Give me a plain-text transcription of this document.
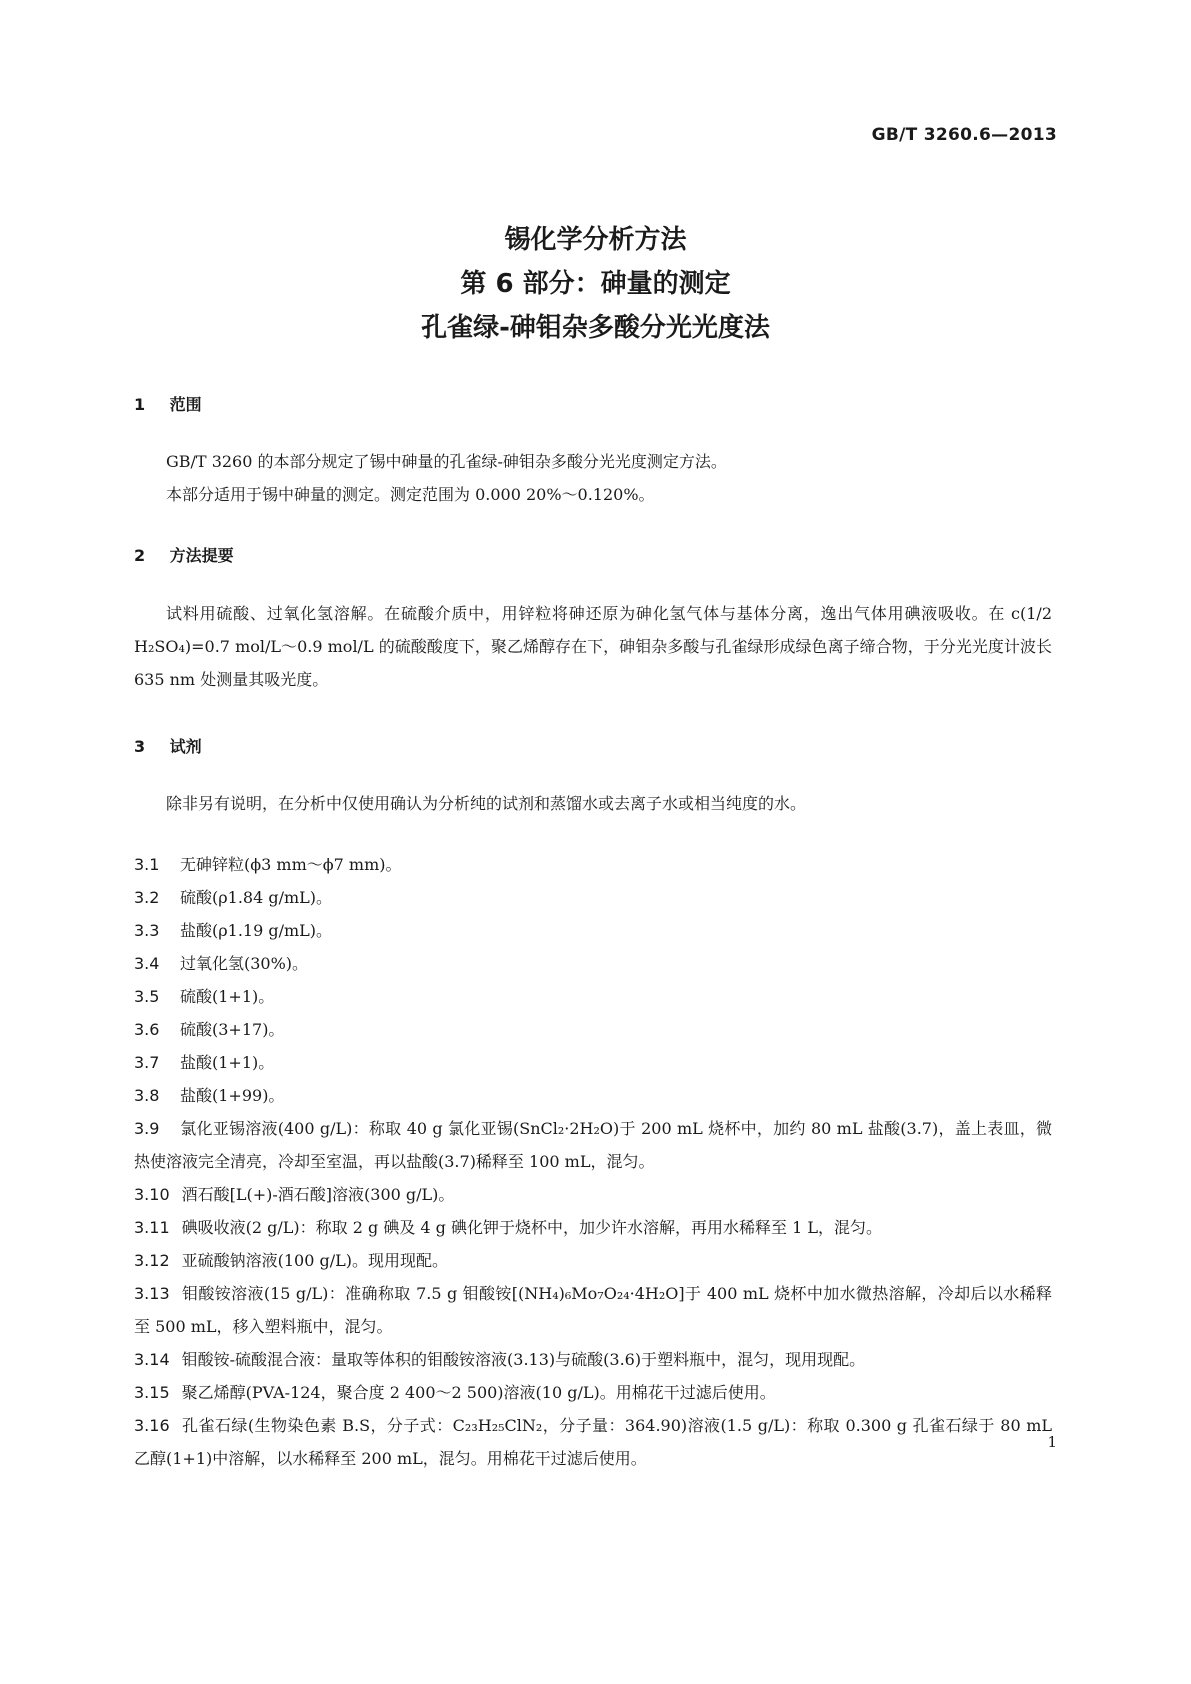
GB/T 3260.6—2013
锡化学分析方法
第 6 部分：砷量的测定
孔雀绿-砷钼杂多酸分光光度法
1 范围

GB/T 3260 的本部分规定了锡中砷量的孔雀绿-砷钼杂多酸分光光度测定方法。

本部分适用于锡中砷量的测定。测定范围为 0.000 20%～0.120%。

2 方法提要

试料用硫酸、过氧化氢溶解。在硫酸介质中，用锌粒将砷还原为砷化氢气体与基体分离，逸出气体用碘液吸收。在 c(1/2 H₂SO₄)=0.7 mol/L～0.9 mol/L 的硫酸酸度下，聚乙烯醇存在下，砷钼杂多酸与孔雀绿形成绿色离子缔合物，于分光光度计波长 635 nm 处测量其吸光度。

3 试剂

除非另有说明，在分析中仅使用确认为分析纯的试剂和蒸馏水或去离子水或相当纯度的水。

3.1 无砷锌粒(ϕ3 mm～ϕ7 mm)。

3.2 硫酸(ρ1.84 g/mL)。

3.3 盐酸(ρ1.19 g/mL)。

3.4 过氧化氢(30%)。

3.5 硫酸(1+1)。

3.6 硫酸(3+17)。

3.7 盐酸(1+1)。

3.8 盐酸(1+99)。

3.9 氯化亚锡溶液(400 g/L)：称取 40 g 氯化亚锡(SnCl₂·2H₂O)于 200 mL 烧杯中，加约 80 mL 盐酸(3.7)，盖上表皿，微热使溶液完全清亮，冷却至室温，再以盐酸(3.7)稀释至 100 mL，混匀。

3.10 酒石酸[L(+)-酒石酸]溶液(300 g/L)。

3.11 碘吸收液(2 g/L)：称取 2 g 碘及 4 g 碘化钾于烧杯中，加少许水溶解，再用水稀释至 1 L，混匀。

3.12 亚硫酸钠溶液(100 g/L)。现用现配。

3.13 钼酸铵溶液(15 g/L)：准确称取 7.5 g 钼酸铵[(NH₄)₆Mo₇O₂₄·4H₂O]于 400 mL 烧杯中加水微热溶解，冷却后以水稀释至 500 mL，移入塑料瓶中，混匀。

3.14 钼酸铵-硫酸混合液：量取等体积的钼酸铵溶液(3.13)与硫酸(3.6)于塑料瓶中，混匀，现用现配。

3.15 聚乙烯醇(PVA-124，聚合度 2 400～2 500)溶液(10 g/L)。用棉花干过滤后使用。

3.16 孔雀石绿(生物染色素 B.S，分子式：C₂₃H₂₅ClN₂，分子量：364.90)溶液(1.5 g/L)：称取 0.300 g 孔雀石绿于 80 mL 乙醇(1+1)中溶解，以水稀释至 200 mL，混匀。用棉花干过滤后使用。

1
